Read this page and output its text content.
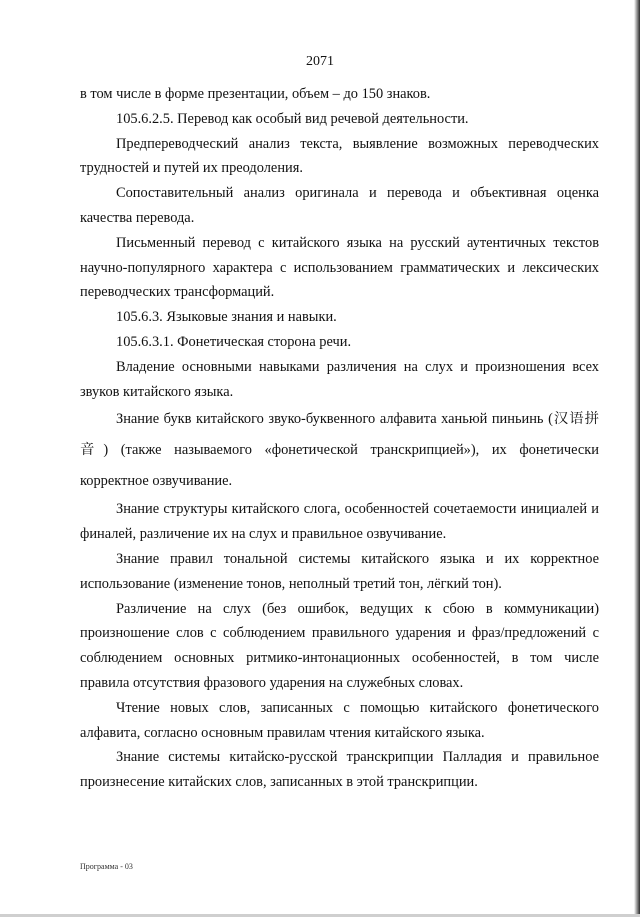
2071

в том числе в форме презентации, объем – до 150 знаков.

105.6.2.5. Перевод как особый вид речевой деятельности.

Предпереводческий анализ текста, выявление возможных переводческих трудностей и путей их преодоления.

Сопоставительный анализ оригинала и перевода и объективная оценка качества перевода.

Письменный перевод с китайского языка на русский аутентичных текстов научно-популярного характера с использованием грамматических и лексических переводческих трансформаций.

105.6.3. Языковые знания и навыки.

105.6.3.1. Фонетическая сторона речи.

Владение основными навыками различения на слух и произношения всех звуков китайского языка.

Знание букв китайского звуко-буквенного алфавита ханьюй пиньинь (汉语拼音) (также называемого «фонетической транскрипцией»), их фонетически корректное озвучивание.

Знание структуры китайского слога, особенностей сочетаемости инициалей и финалей, различение их на слух и правильное озвучивание.

Знание правил тональной системы китайского языка и их корректное использование (изменение тонов, неполный третий тон, лёгкий тон).

Различение на слух (без ошибок, ведущих к сбою в коммуникации) произношение слов с соблюдением правильного ударения и фраз/предложений с соблюдением основных ритмико-интонационных особенностей, в том числе правила отсутствия фразового ударения на служебных словах.

Чтение новых слов, записанных с помощью китайского фонетического алфавита, согласно основным правилам чтения китайского языка.

Знание системы китайско-русской транскрипции Палладия и правильное произнесение китайских слов, записанных в этой транскрипции.

Программа - 03
